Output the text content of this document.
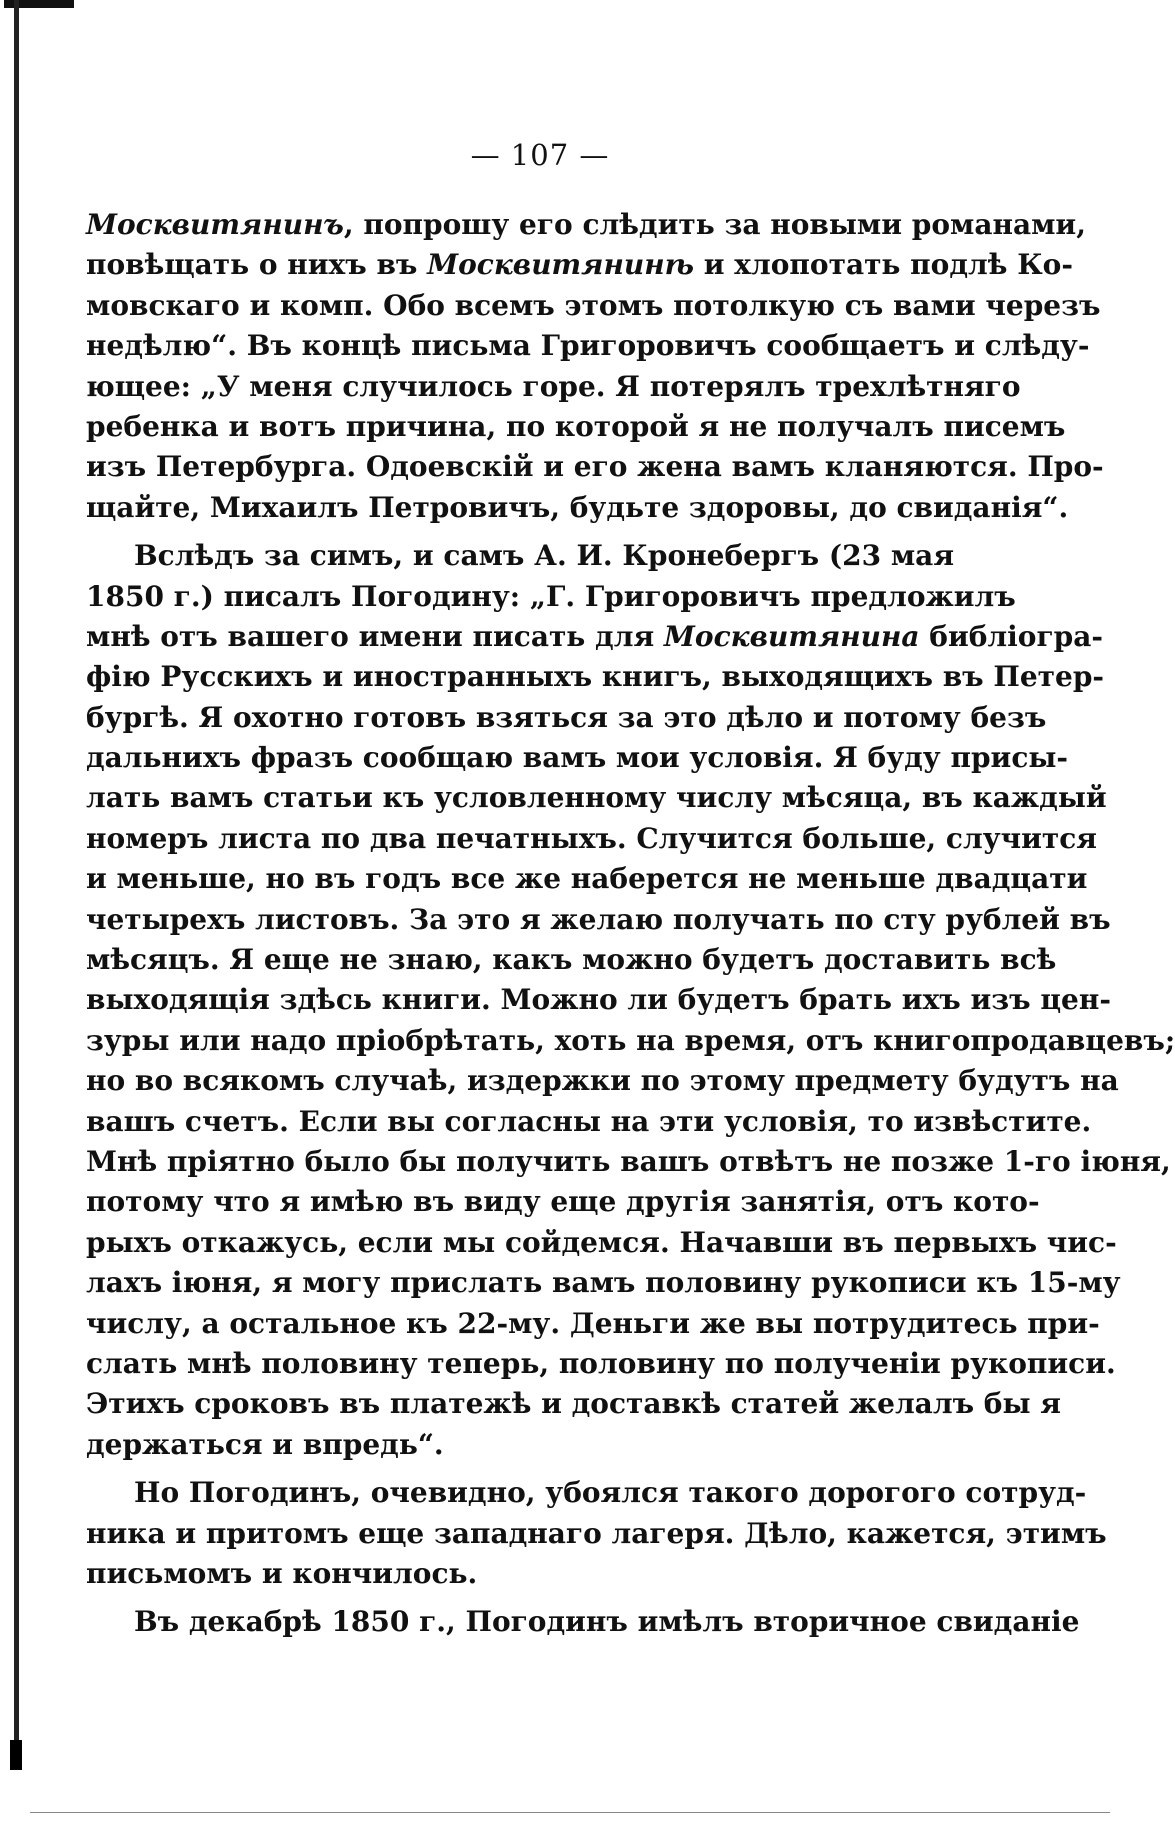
— 107 —
Москвитянинъ, попрошу его слѣдить за новыми романами,
повѣщать о нихъ въ Москвитянинѣ и хлопотать подлѣ Ко-
мовскаго и комп. Обо всемъ этомъ потолкую съ вами черезъ
недѣлю“. Въ концѣ письма Григоровичъ сообщаетъ и слѣду-
ющее: „У меня случилось горе. Я потерялъ трехлѣтняго
ребенка и вотъ причина, по которой я не получалъ писемъ
изъ Петербурга. Одоевскій и его жена вамъ кланяются. Про-
щайте, Михаилъ Петровичъ, будьте здоровы, до свиданія“.
Вслѣдъ за симъ, и самъ А. И. Кронебергъ (23 мая
1850 г.) писалъ Погодину: „Г. Григоровичъ предложилъ
мнѣ отъ вашего имени писать для Москвитянина библіогра-
фію Русскихъ и иностранныхъ книгъ, выходящихъ въ Петер-
бургѣ. Я охотно готовъ взяться за это дѣло и потому безъ
дальнихъ фразъ сообщаю вамъ мои условія. Я буду присы-
лать вамъ статьи къ условленному числу мѣсяца, въ каждый
номеръ листа по два печатныхъ. Случится больше, случится
и меньше, но въ годъ все же наберется не меньше двадцати
четырехъ листовъ. За это я желаю получать по сту рублей въ
мѣсяцъ. Я еще не знаю, какъ можно будетъ доставить всѣ
выходящія здѣсь книги. Можно ли будетъ брать ихъ изъ цен-
зуры или надо пріобрѣтать, хоть на время, отъ книгопродавцевъ;
но во всякомъ случаѣ, издержки по этому предмету будутъ на
вашъ счетъ. Если вы согласны на эти условія, то извѣстите.
Мнѣ пріятно было бы получить вашъ отвѣтъ не позже 1-го іюня,
потому что я имѣю въ виду еще другія занятія, отъ кото-
рыхъ откажусь, если мы сойдемся. Начавши въ первыхъ чис-
лахъ іюня, я могу прислать вамъ половину рукописи къ 15-му
числу, а остальное къ 22-му. Деньги же вы потрудитесь при-
слать мнѣ половину теперь, половину по полученіи рукописи.
Этихъ сроковъ въ платежѣ и доставкѣ статей желалъ бы я
держаться и впредь“.
Но Погодинъ, очевидно, убоялся такого дорогого сотруд-
ника и притомъ еще западнаго лагеря. Дѣло, кажется, этимъ
письмомъ и кончилось.
Въ декабрѣ 1850 г., Погодинъ имѣлъ вторичное свиданіе
